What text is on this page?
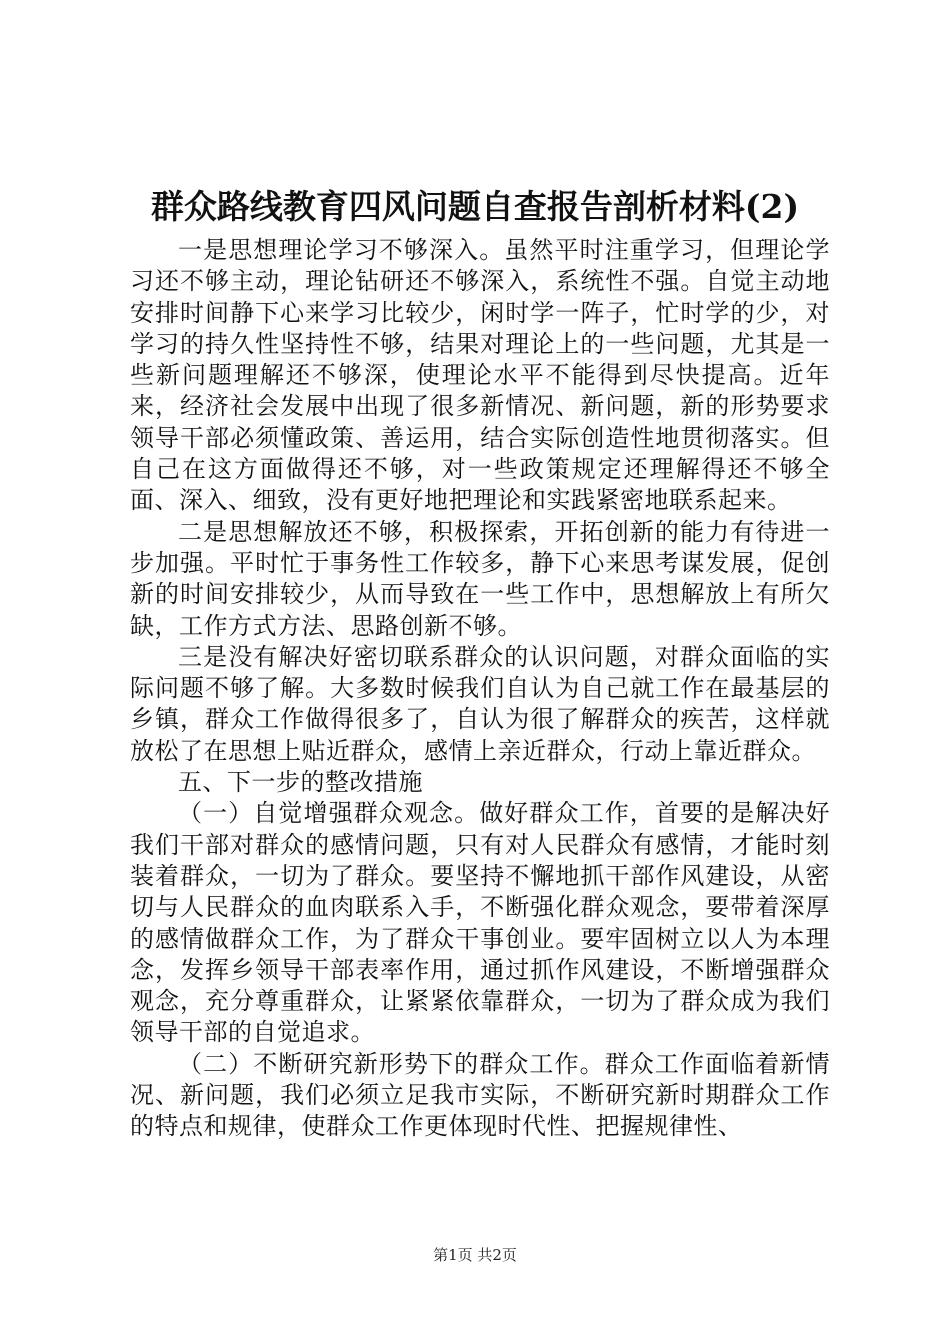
群众路线教育四风问题自查报告剖析材料(2)

一是思想理论学习不够深入。虽然平时注重学习，但理论学习还不够主动，理论钻研还不够深入，系统性不强。自觉主动地安排时间静下心来学习比较少，闲时学一阵子，忙时学的少，对学习的持久性坚持性不够，结果对理论上的一些问题，尤其是一些新问题理解还不够深，使理论水平不能得到尽快提高。近年来，经济社会发展中出现了很多新情况、新问题，新的形势要求领导干部必须懂政策、善运用，结合实际创造性地贯彻落实。但自己在这方面做得还不够，对一些政策规定还理解得还不够全面、深入、细致，没有更好地把理论和实践紧密地联系起来。

二是思想解放还不够，积极探索，开拓创新的能力有待进一步加强。平时忙于事务性工作较多，静下心来思考谋发展，促创新的时间安排较少，从而导致在一些工作中，思想解放上有所欠缺，工作方式方法、思路创新不够。

三是没有解决好密切联系群众的认识问题，对群众面临的实际问题不够了解。大多数时候我们自认为自己就工作在最基层的乡镇，群众工作做得很多了，自认为很了解群众的疾苦，这样就放松了在思想上贴近群众，感情上亲近群众，行动上靠近群众。

五、下一步的整改措施

（一）自觉增强群众观念。做好群众工作，首要的是解决好我们干部对群众的感情问题，只有对人民群众有感情，才能时刻装着群众，一切为了群众。要坚持不懈地抓干部作风建设，从密切与人民群众的血肉联系入手，不断强化群众观念，要带着深厚的感情做群众工作，为了群众干事创业。要牢固树立以人为本理念，发挥乡领导干部表率作用，通过抓作风建设，不断增强群众观念，充分尊重群众，让紧紧依靠群众，一切为了群众成为我们领导干部的自觉追求。

（二）不断研究新形势下的群众工作。群众工作面临着新情况、新问题，我们必须立足我市实际，不断研究新时期群众工作的特点和规律，使群众工作更体现时代性、把握规律性、

第1页 共2页
